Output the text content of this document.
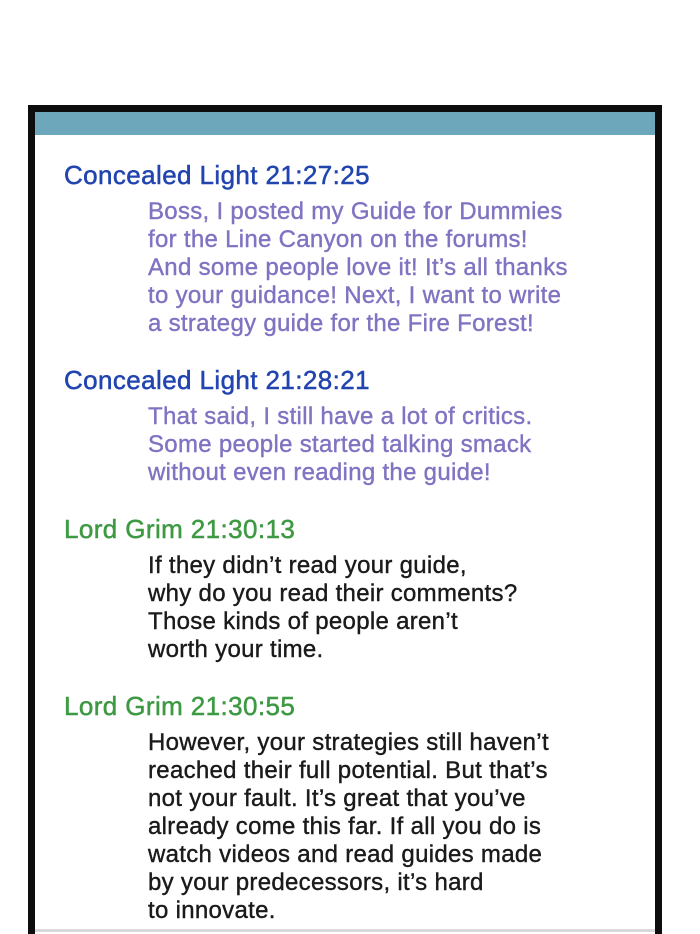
Concealed Light 21:27:25
Boss, I posted my Guide for Dummies
for the Line Canyon on the forums!
And some people love it! It’s all thanks
to your guidance! Next, I want to write
a strategy guide for the Fire Forest!
Concealed Light 21:28:21
That said, I still have a lot of critics.
Some people started talking smack
without even reading the guide!
Lord Grim 21:30:13
If they didn’t read your guide,
why do you read their comments?
Those kinds of people aren’t
worth your time.
Lord Grim 21:30:55
However, your strategies still haven’t
reached their full potential. But that’s
not your fault. It’s great that you’ve
already come this far. If all you do is
watch videos and read guides made
by your predecessors, it’s hard
to innovate.
